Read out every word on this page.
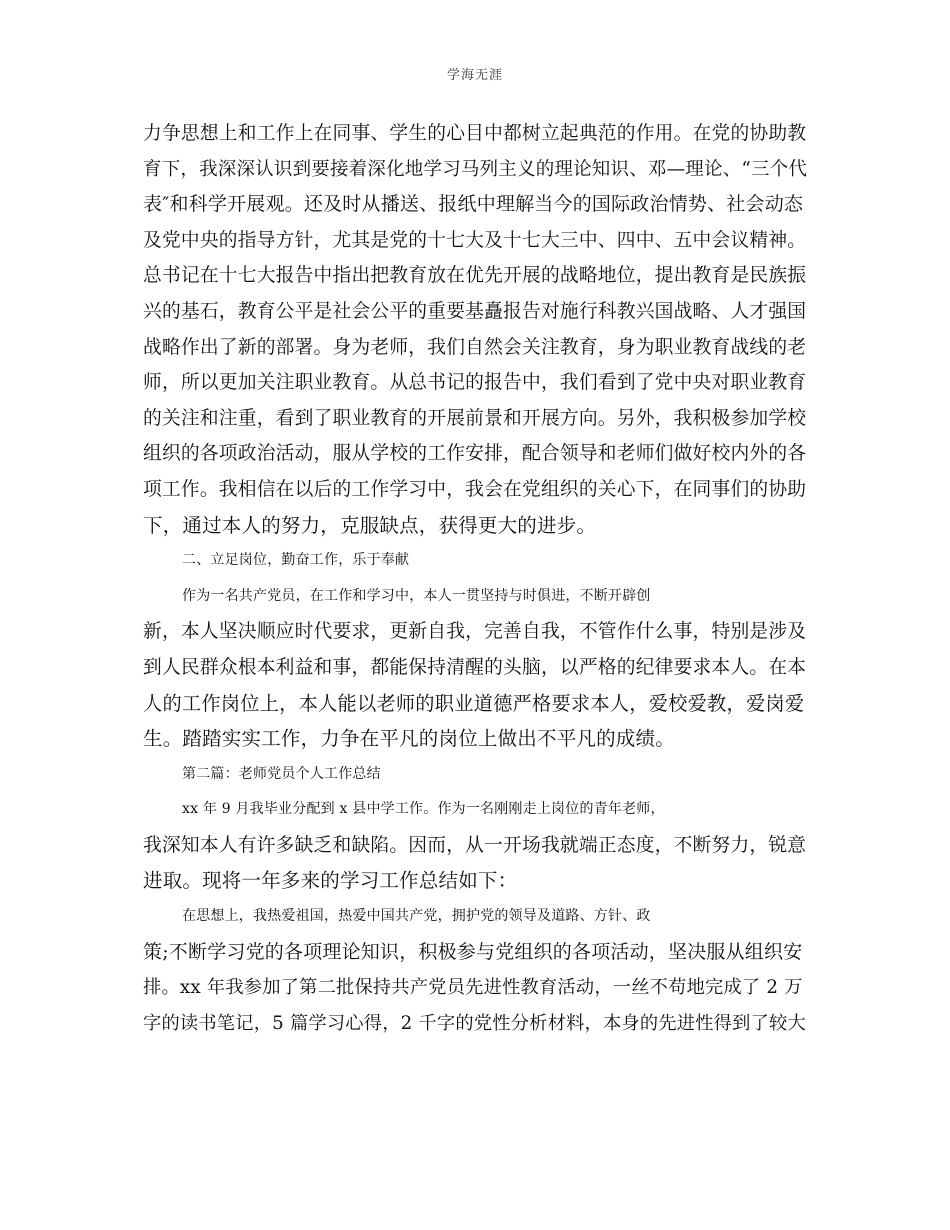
学海无涯
力争思想上和工作上在同事、学生的心目中都树立起典范的作用。在党的协助教
育下，我深深认识到要接着深化地学习马列主义的理论知识、邓—理论、“三个代
表″和科学开展观。还及时从播送、报纸中理解当今的国际政治情势、社会动态
及党中央的指导方针，尤其是党的十七大及十七大三中、四中、五中会议精神。
总书记在十七大报告中指出把教育放在优先开展的战略地位，提出教育是民族振
兴的基石，教育公平是社会公平的重要基矗报告对施行科教兴国战略、人才强国
战略作出了新的部署。身为老师，我们自然会关注教育，身为职业教育战线的老
师，所以更加关注职业教育。从总书记的报告中，我们看到了党中央对职业教育
的关注和注重，看到了职业教育的开展前景和开展方向。另外，我积极参加学校
组织的各项政治活动，服从学校的工作安排，配合领导和老师们做好校内外的各
项工作。我相信在以后的工作学习中，我会在党组织的关心下，在同事们的协助
下，通过本人的努力，克服缺点，获得更大的进步。
二、立足岗位，勤奋工作，乐于奉献
作为一名共产党员，在工作和学习中，本人一贯坚持与时俱进，不断开辟创
新，本人坚决顺应时代要求，更新自我，完善自我，不管作什么事，特别是涉及
到人民群众根本利益和事，都能保持清醒的头脑，以严格的纪律要求本人。在本
人的工作岗位上，本人能以老师的职业道德严格要求本人，爱校爱教，爱岗爱
生。踏踏实实工作，力争在平凡的岗位上做出不平凡的成绩。
第二篇：老师党员个人工作总结
xx 年 9 月我毕业分配到 x 县中学工作。作为一名刚刚走上岗位的青年老师，
我深知本人有许多缺乏和缺陷。因而，从一开场我就端正态度，不断努力，锐意
进取。现将一年多来的学习工作总结如下：
在思想上，我热爱祖国，热爱中国共产党，拥护党的领导及道路、方针、政
策;不断学习党的各项理论知识，积极参与党组织的各项活动，坚决服从组织安
排。xx 年我参加了第二批保持共产党员先进性教育活动，一丝不苟地完成了 2 万
字的读书笔记，5 篇学习心得，2 千字的党性分析材料，本身的先进性得到了较大
